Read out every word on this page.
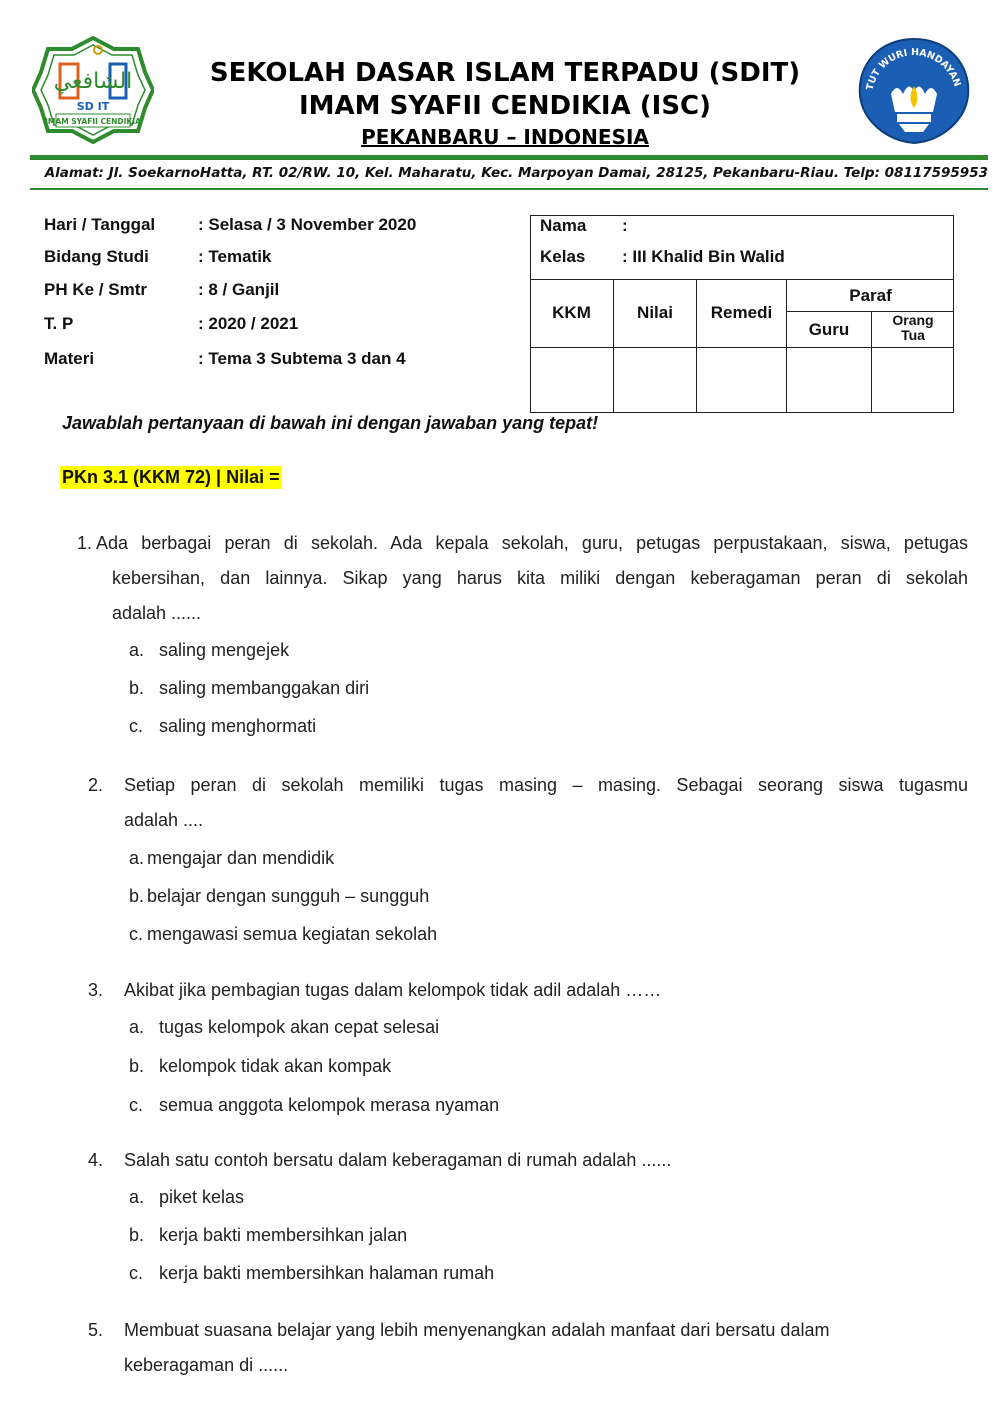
الشافعي
SD IT
IMAM SYAFII CENDIKIA
SEKOLAH DASAR ISLAM TERPADU (SDIT)
IMAM SYAFII CENDIKIA (ISC)
PEKANBARU – INDONESIA
TUT WURI HANDAYAN
Alamat: Jl. SoekarnoHatta, RT. 02/RW. 10, Kel. Maharatu, Kec. Marpoyan Damai, 28125, Pekanbaru-Riau. Telp: 08117595953
Hari / Tanggal	: Selasa / 3 November 2020
Bidang Studi	: Tematik
PH Ke / Smtr	: 8 / Ganjil
T. P	: 2020 / 2021
Materi	: Tema 3 Subtema 3 dan 4
Nama :
Kelas : III Khalid Bin Walid
KKM	Nilai	Remedi
Paraf
Guru	Orang
Tua
Jawablah pertanyaan di bawah ini dengan jawaban yang tepat!
PKn 3.1 (KKM 72) | Nilai =
1. Ada berbagai peran di sekolah. Ada kepala sekolah, guru, petugas perpustakaan, siswa, petugas
kebersihan, dan lainnya. Sikap yang harus kita miliki dengan keberagaman peran di sekolah
adalah ......
a. saling mengejek
b. saling membanggakan diri
c. saling menghormati
2. Setiap peran di sekolah memiliki tugas masing – masing. Sebagai seorang siswa tugasmu
adalah ....
a. mengajar dan mendidik
b. belajar dengan sungguh – sungguh
c. mengawasi semua kegiatan sekolah
3. Akibat jika pembagian tugas dalam kelompok tidak adil adalah ……
a. tugas kelompok akan cepat selesai
b. kelompok tidak akan kompak
c. semua anggota kelompok merasa nyaman
4. Salah satu contoh bersatu dalam keberagaman di rumah adalah ......
a. piket kelas
b. kerja bakti membersihkan jalan
c. kerja bakti membersihkan halaman rumah
5. Membuat suasana belajar yang lebih menyenangkan adalah manfaat dari bersatu dalam
keberagaman di ......
